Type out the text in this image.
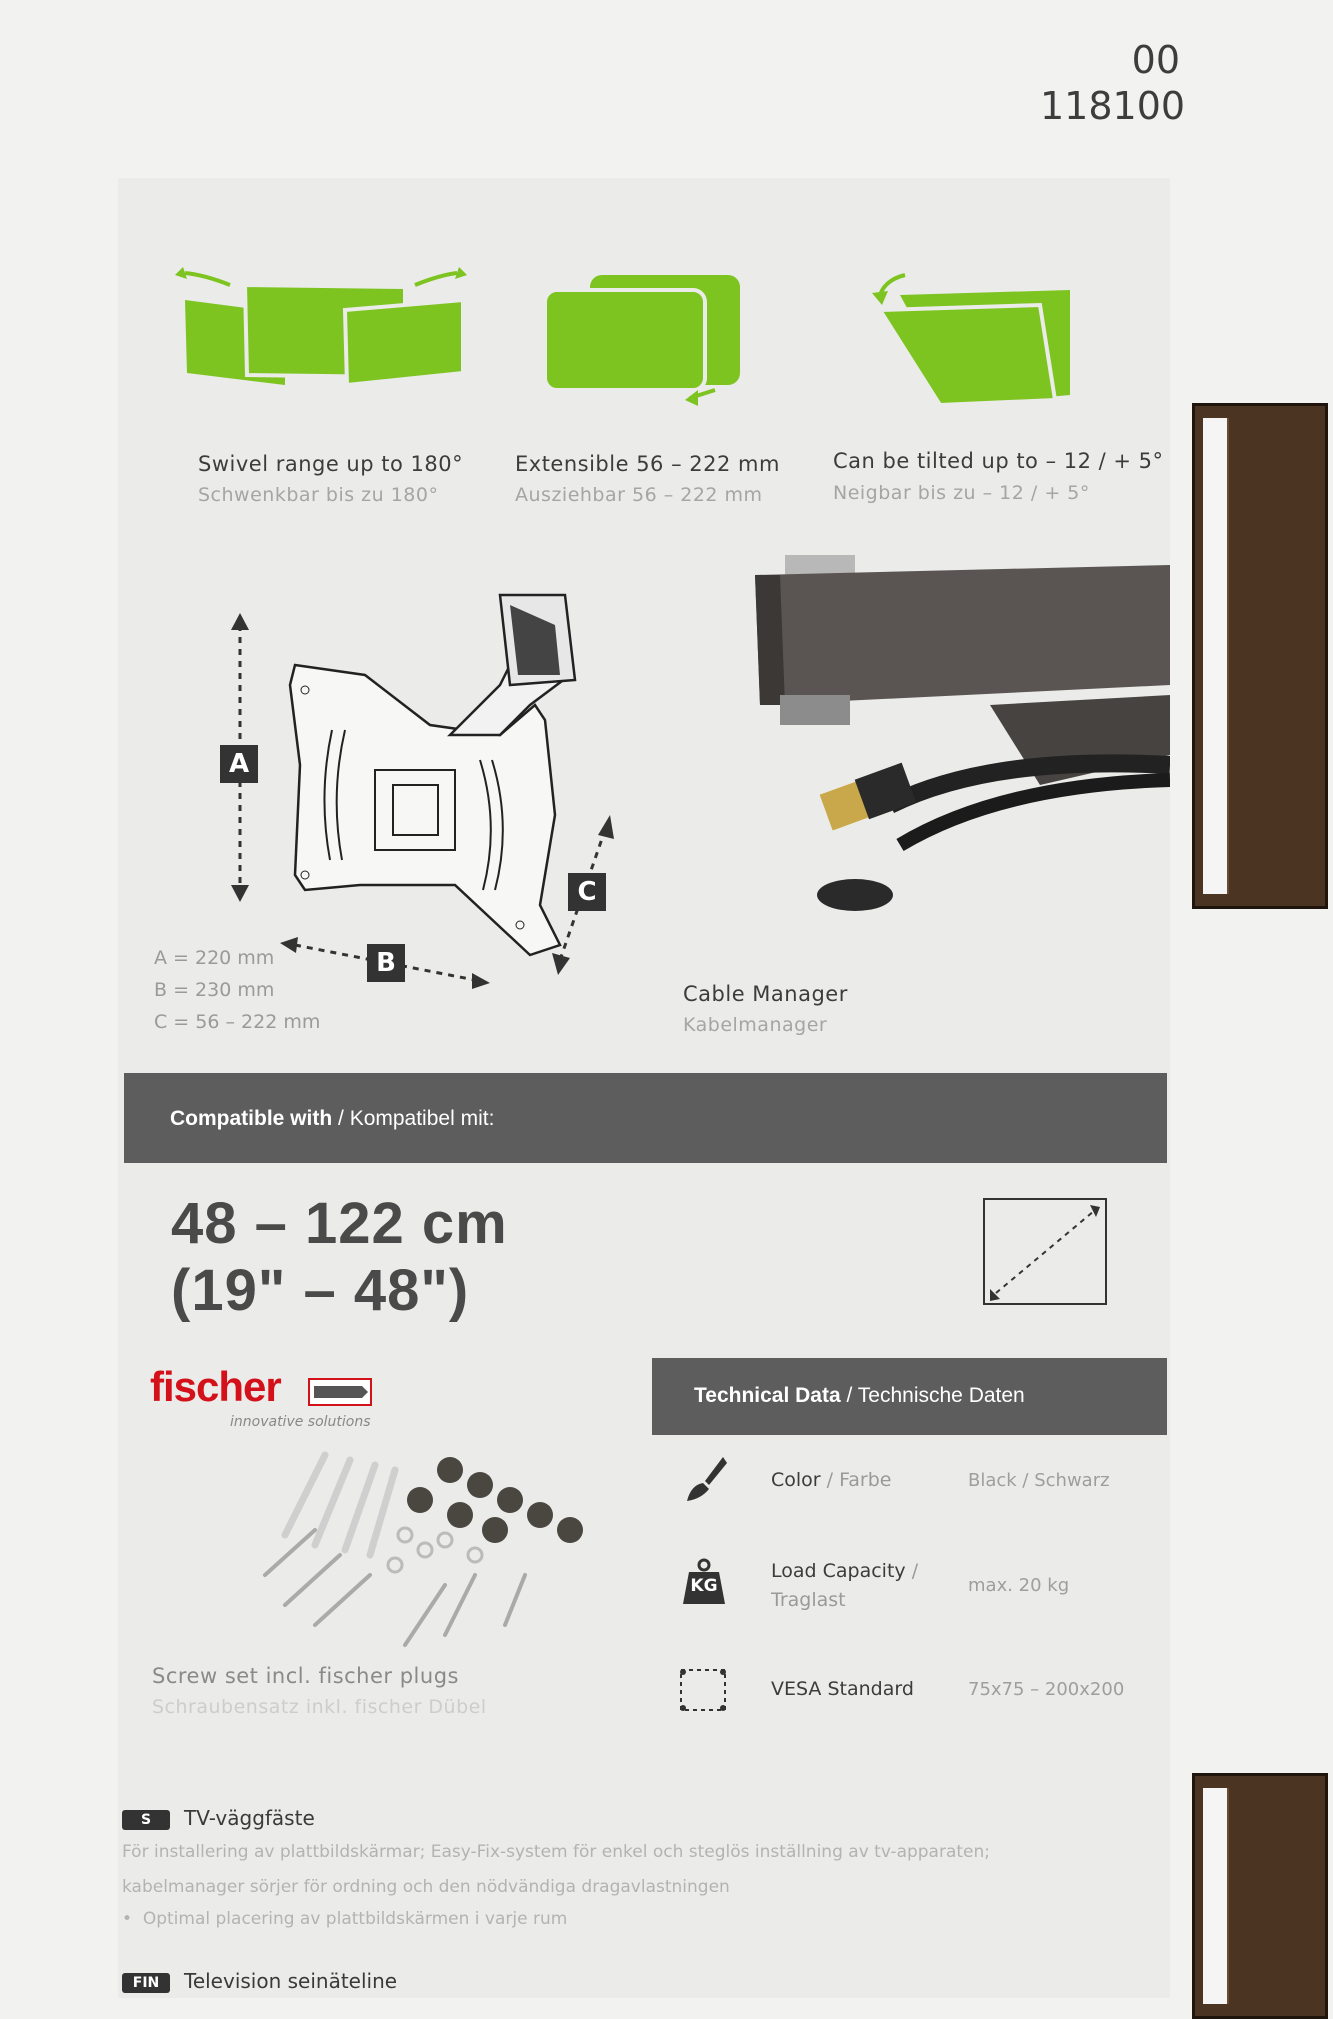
00
118100
Swivel range up to 180°
Schwenkbar bis zu 180°
Extensible 56 – 222 mm
Ausziehbar 56 – 222 mm
Can be tilted up to – 12 / + 5°
Neigbar bis zu – 12 / + 5°
A
B
C
A = 220 mm
B = 230 mm
C = 56 – 222 mm
Cable Manager
Kabelmanager
Compatible with / Kompatibel mit:
48 – 122 cm
(19" – 48")
fischer
innovative solutions
Screw set incl. fischer plugs
Schraubensatz inkl. fischer Dübel
Technical Data / Technische Daten
Color / Farbe	Black / Schwarz
KG
Load Capacity /
Traglast
max. 20 kg
VESA Standard	75x75 – 200x200
S TV-väggfäste
För installering av plattbildskärmar; Easy-Fix-system för enkel och steglös inställning av tv-apparaten;
kabelmanager sörjer för ordning och den nödvändiga dragavlastningen
•  Optimal placering av plattbildskärmen i varje rum
FIN Television seinäteline
